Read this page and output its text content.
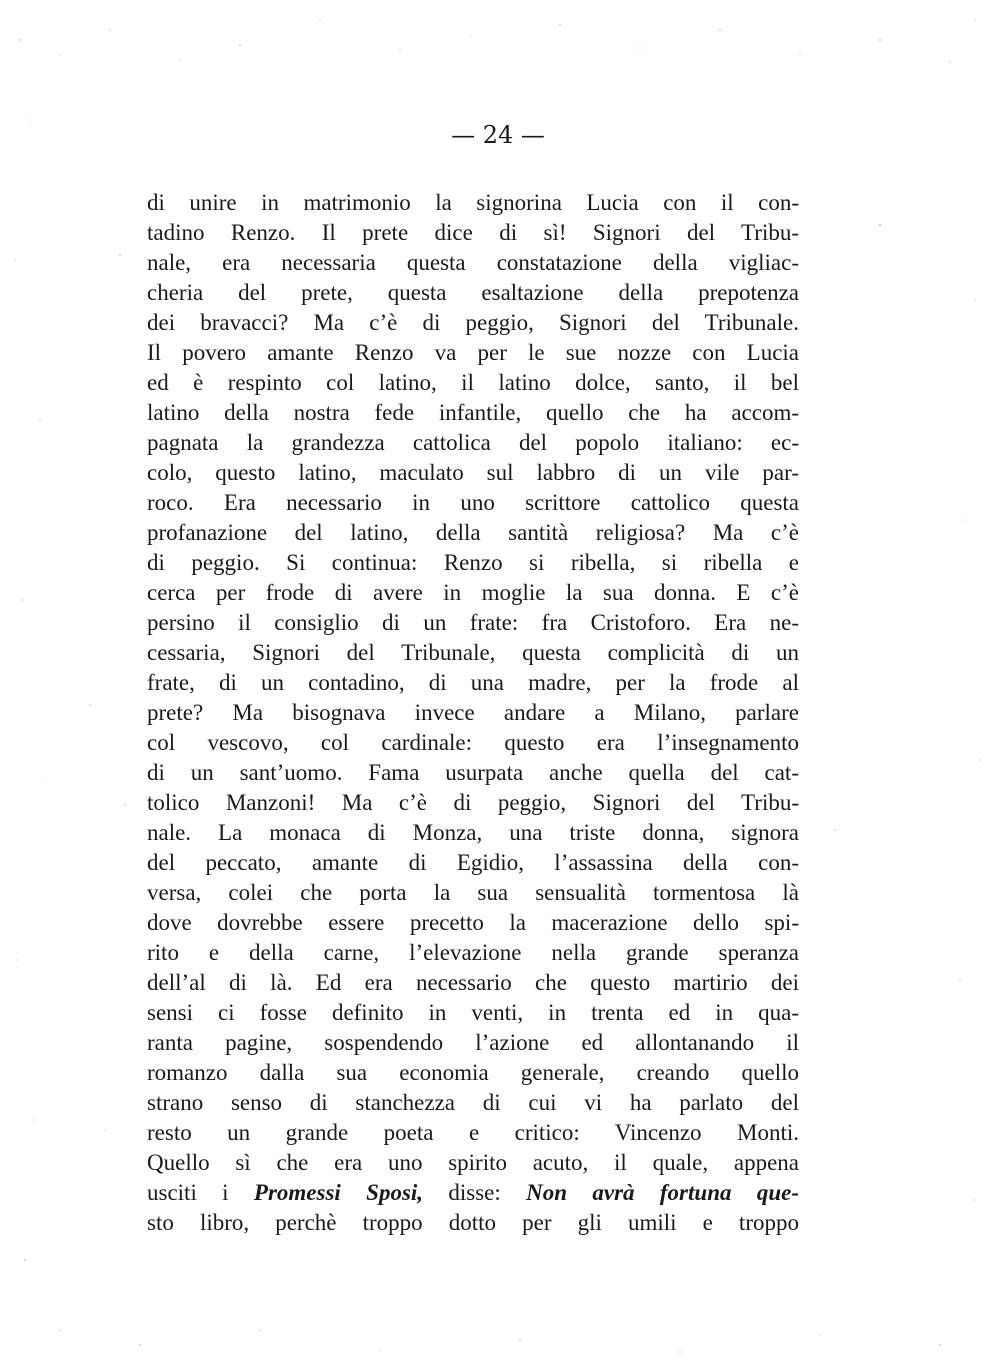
— 24 —
di unire in matrimonio la signorina Lucia con il con-
tadino Renzo. Il prete dice di sì! Signori del Tribu-
nale, era necessaria questa constatazione della vigliac-
cheria del prete, questa esaltazione della prepotenza
dei bravacci? Ma c’è di peggio, Signori del Tribunale.
Il povero amante Renzo va per le sue nozze con Lucia
ed è respinto col latino, il latino dolce, santo, il bel
latino della nostra fede infantile, quello che ha accom-
pagnata la grandezza cattolica del popolo italiano: ec-
colo, questo latino, maculato sul labbro di un vile par-
roco. Era necessario in uno scrittore cattolico questa
profanazione del latino, della santità religiosa? Ma c’è
di peggio. Si continua: Renzo si ribella, si ribella e
cerca per frode di avere in moglie la sua donna. E c’è
persino il consiglio di un frate: fra Cristoforo. Era ne-
cessaria, Signori del Tribunale, questa complicità di un
frate, di un contadino, di una madre, per la frode al
prete? Ma bisognava invece andare a Milano, parlare
col vescovo, col cardinale: questo era l’insegnamento
di un sant’uomo. Fama usurpata anche quella del cat-
tolico Manzoni! Ma c’è di peggio, Signori del Tribu-
nale. La monaca di Monza, una triste donna, signora
del peccato, amante di Egidio, l’assassina della con-
versa, colei che porta la sua sensualità tormentosa là
dove dovrebbe essere precetto la macerazione dello spi-
rito e della carne, l’elevazione nella grande speranza
dell’al di là. Ed era necessario che questo martirio dei
sensi ci fosse definito in venti, in trenta ed in qua-
ranta pagine, sospendendo l’azione ed allontanando il
romanzo dalla sua economia generale, creando quello
strano senso di stanchezza di cui vi ha parlato del
resto un grande poeta e critico: Vincenzo Monti.
Quello sì che era uno spirito acuto, il quale, appena
usciti i Promessi Sposi, disse: Non avrà fortuna que-
sto libro, perchè troppo dotto per gli umili e troppo
